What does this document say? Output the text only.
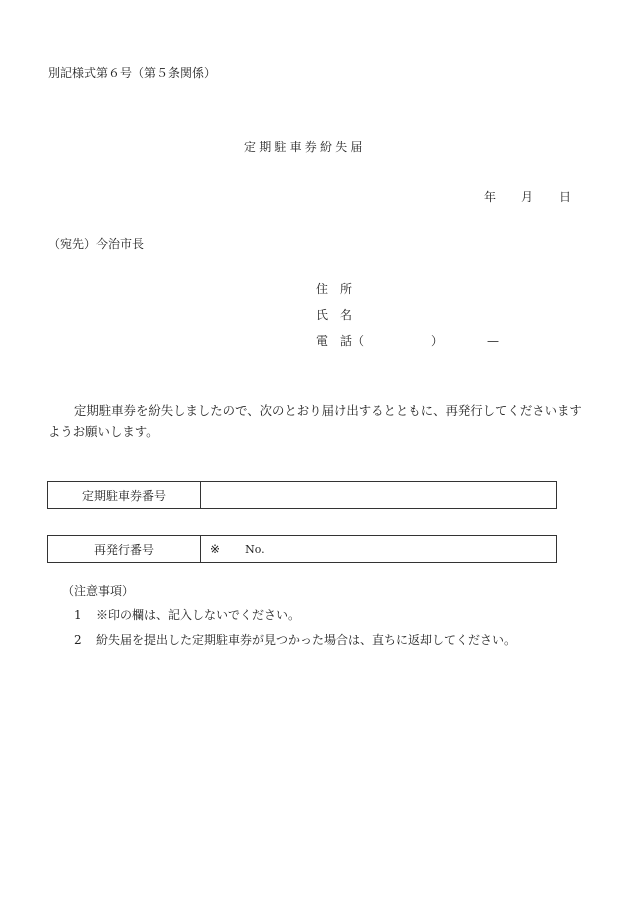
別記様式第６号（第５条関係）
定期駐車券紛失届
年 月 日
（宛先）今治市長
住　所
氏　名
電　話（	）	—

定期駐車券を紛失しましたので、次のとおり届け出するとともに、再発行してくださいます

ようお願いします。

定期駐車券番号
再発行番号	※ No.
（注意事項）
1 ※印の欄は、記入しないでください。
2 紛失届を提出した定期駐車券が見つかった場合は、直ちに返却してください。
